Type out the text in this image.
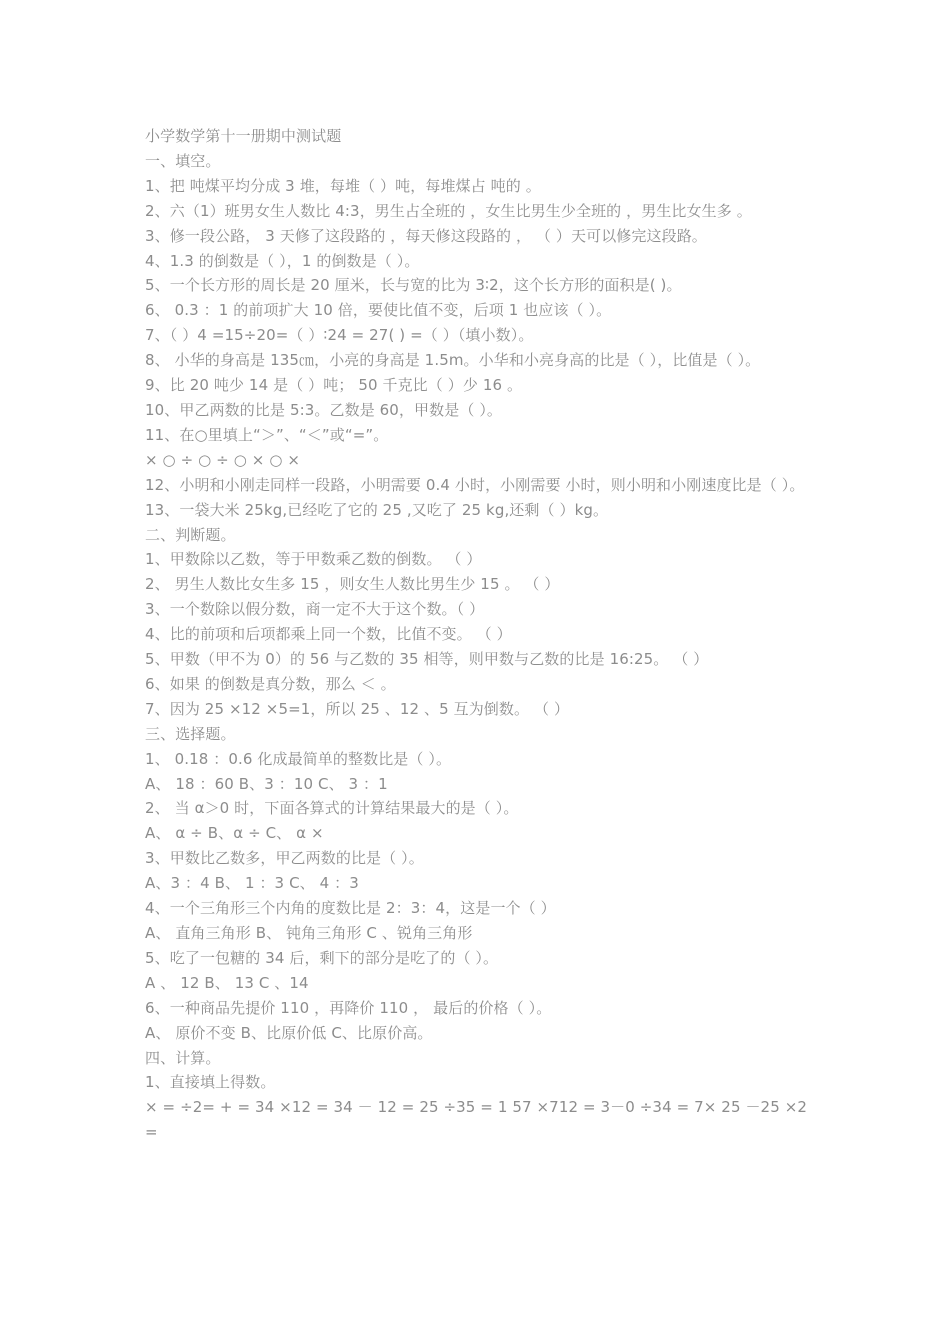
小学数学第十一册期中测试题
一、填空。
1、把 吨煤平均分成 3 堆，每堆（ ）吨，每堆煤占 吨的 。
2、六（1）班男女生人数比 4:3，男生占全班的 ，女生比男生少全班的 ，男生比女生多 。
3、修一段公路， 3 天修了这段路的 ，每天修这段路的 ， （ ）天可以修完这段路。
4、1.3 的倒数是（ ），1 的倒数是（ ）。
5、一个长方形的周长是 20 厘米，长与宽的比为 3∶2，这个长方形的面积是( )。
6、 0.3 ：1 的前项扩大 10 倍，要使比值不变，后项 1 也应该（ ）。
7、（ ）4 =15÷20=（ ）∶24 = 27( ) =（ ）（填小数）。
8、 小华的身高是 135㎝，小亮的身高是 1.5m。小华和小亮身高的比是（ ），比值是（ ）。
9、比 20 吨少 14 是（ ）吨； 50 千克比（ ）少 16 。
10、甲乙两数的比是 5:3。乙数是 60，甲数是（ ）。
11、在○里填上“＞”、“＜”或“=”。
× ○ ÷ ○ ÷ ○ × ○ ×
12、小明和小刚走同样一段路，小明需要 0.4 小时，小刚需要 小时，则小明和小刚速度比是（ ）。
13、一袋大米 25kg,已经吃了它的 25 ,又吃了 25 kg,还剩（ ）kg。
二、判断题。
1、甲数除以乙数，等于甲数乘乙数的倒数。 （ ）
2、 男生人数比女生多 15 ，则女生人数比男生少 15 。 （ ）
3、一个数除以假分数，商一定不大于这个数。（ ）
4、比的前项和后项都乘上同一个数，比值不变。 （ ）
5、甲数（甲不为 0）的 56 与乙数的 35 相等，则甲数与乙数的比是 16:25。 （ ）
6、如果 的倒数是真分数，那么 ＜ 。
7、因为 25 ×12 ×5=1，所以 25 、12 、5 互为倒数。 （ ）
三、选择题。
1、 0.18 ：0.6 化成最简单的整数比是（ ）。
A、 18 ：60 B、3 ：10 C、 3 ：1
2、 当 α＞0 时，下面各算式的计算结果最大的是（ ）。
A、 α ÷ B、α ÷ C、 α ×
3、甲数比乙数多，甲乙两数的比是（ ）。
A、3 ：4 B、 1 ：3 C、 4 ：3
4、一个三角形三个内角的度数比是 2：3：4，这是一个（ ）
A、 直角三角形 B、 钝角三角形 C 、锐角三角形
5、吃了一包糖的 34 后，剩下的部分是吃了的（ ）。
A 、 12 B、 13 C 、14
6、一种商品先提价 110 ，再降价 110 ， 最后的价格（ ）。
A、 原价不变 B、比原价低 C、比原价高。
四、计算。
1、直接填上得数。
× = ÷2= + = 34 ×12 = 34 － 12 = 25 ÷35 = 1 57 ×712 = 3－0 ÷34 = 7× 25 －25 ×2=
